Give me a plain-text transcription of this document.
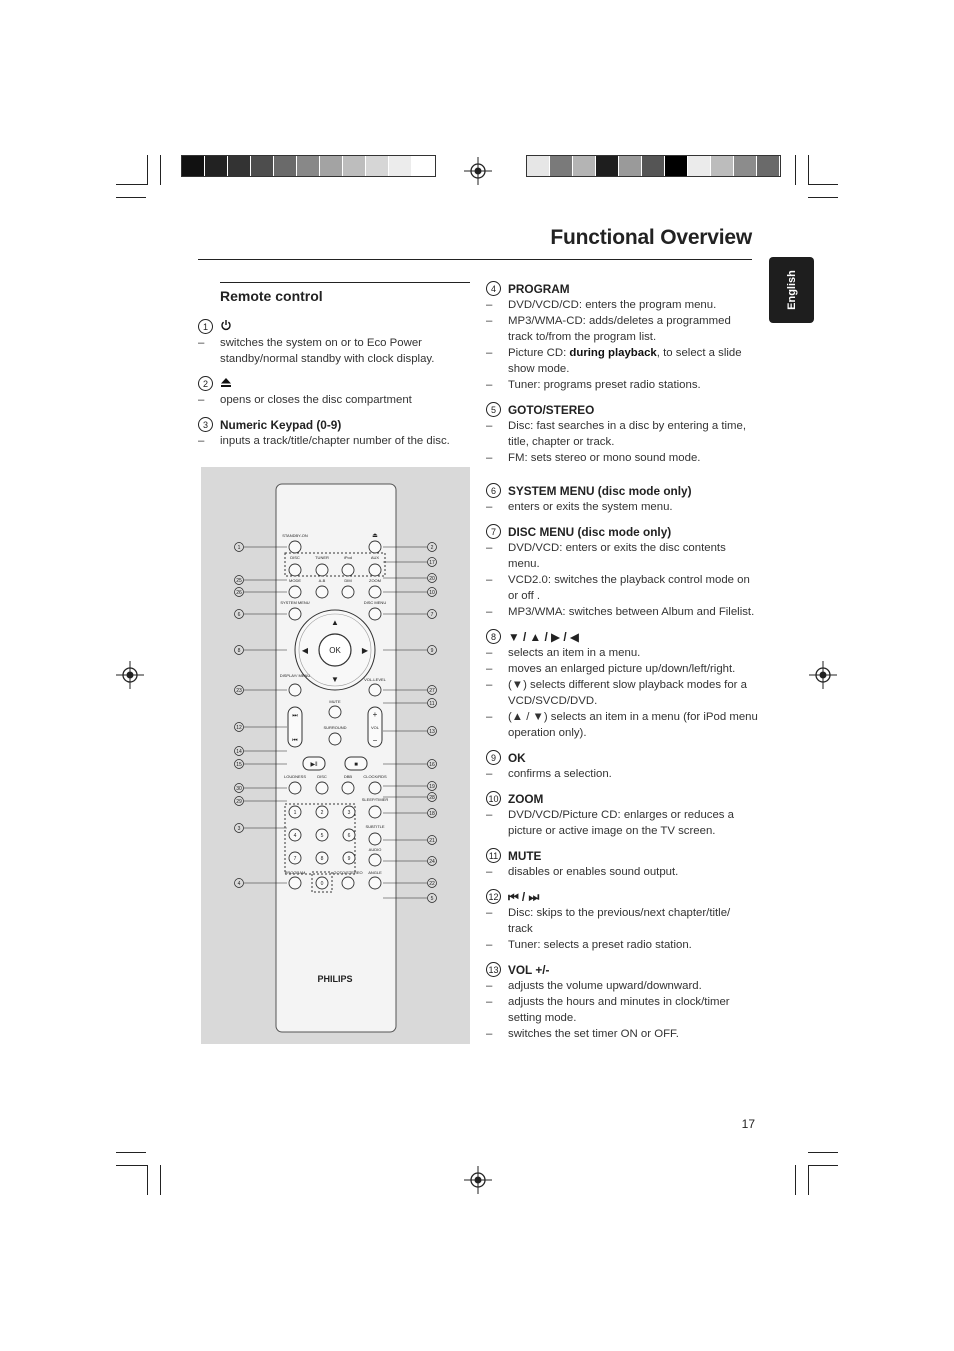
Functional Overview
English
Remote control
1
– switches the system on or to Eco Power standby/normal standby with clock display.
2
– opens or closes the disc compartment
3	Numeric Keypad (0-9)
– inputs a track/title/chapter number of the disc.
STANDBY-ON	⏏
DISC	TUNER	iPod	AUX
MODE	A-B	DIM	ZOOM
SYSTEM MENU	DISC MENU
OK
▲
▼
◀	▶
DISPLAY/ MENU
VOL-LEVEL
⏭
⏮
+
−
VOL
MUTE
SURROUND
▶‖	■
LOUDNESS	DISC	DBB	CLOCK/RDS
1	2	3
4	5	6
7	8	9
0
SLEEP/TIMER
SUBTITLE
AUDIO
PROGRAM	GOTO/STEREO ANGLE
PHILIPS
1
25
26
6
8
23
12
14
15
30
29
3
4
2
17
20
10
7
9
27
11
13
16
19
28
18
21
24
22
5
4	PROGRAM
– DVD/VCD/CD: enters the program menu.
– MP3/WMA-CD: adds/deletes a programmed track to/from the program list.
– Picture CD: during playback, to select a slide show mode.
– Tuner: programs preset radio stations.
5	GOTO/STEREO
– Disc: fast searches in a disc by entering a time, title, chapter or track.
– FM: sets stereo or mono sound mode.
6	SYSTEM MENU (disc mode only)
– enters or exits the system menu.
7	DISC MENU (disc mode only)
– DVD/VCD: enters or exits the disc contents menu.
– VCD2.0: switches the playback control mode on or off .
– MP3/WMA: switches between Album and Filelist.
8	▼ / ▲ / ▶ / ◀
– selects an item in a menu.
– moves an enlarged picture up/down/left/right.
– (▼) selects different slow playback modes for a VCD/SVCD/DVD.
– (▲ / ▼) selects an item in a menu (for iPod menu operation only).
9	OK
– confirms a selection.
10 ZOOM
– DVD/VCD/Picture CD: enlarges or reduces a picture or active image on the TV screen.
11 MUTE
– disables or enables sound output.
12 ⏮ / ⏭
– Disc: skips to the previous/next chapter/title/ track
– Tuner: selects a preset radio station.
13 VOL +/-
– adjusts the volume upward/downward.
– adjusts the hours and minutes in clock/timer setting mode.
– switches the set timer ON or OFF.
17
